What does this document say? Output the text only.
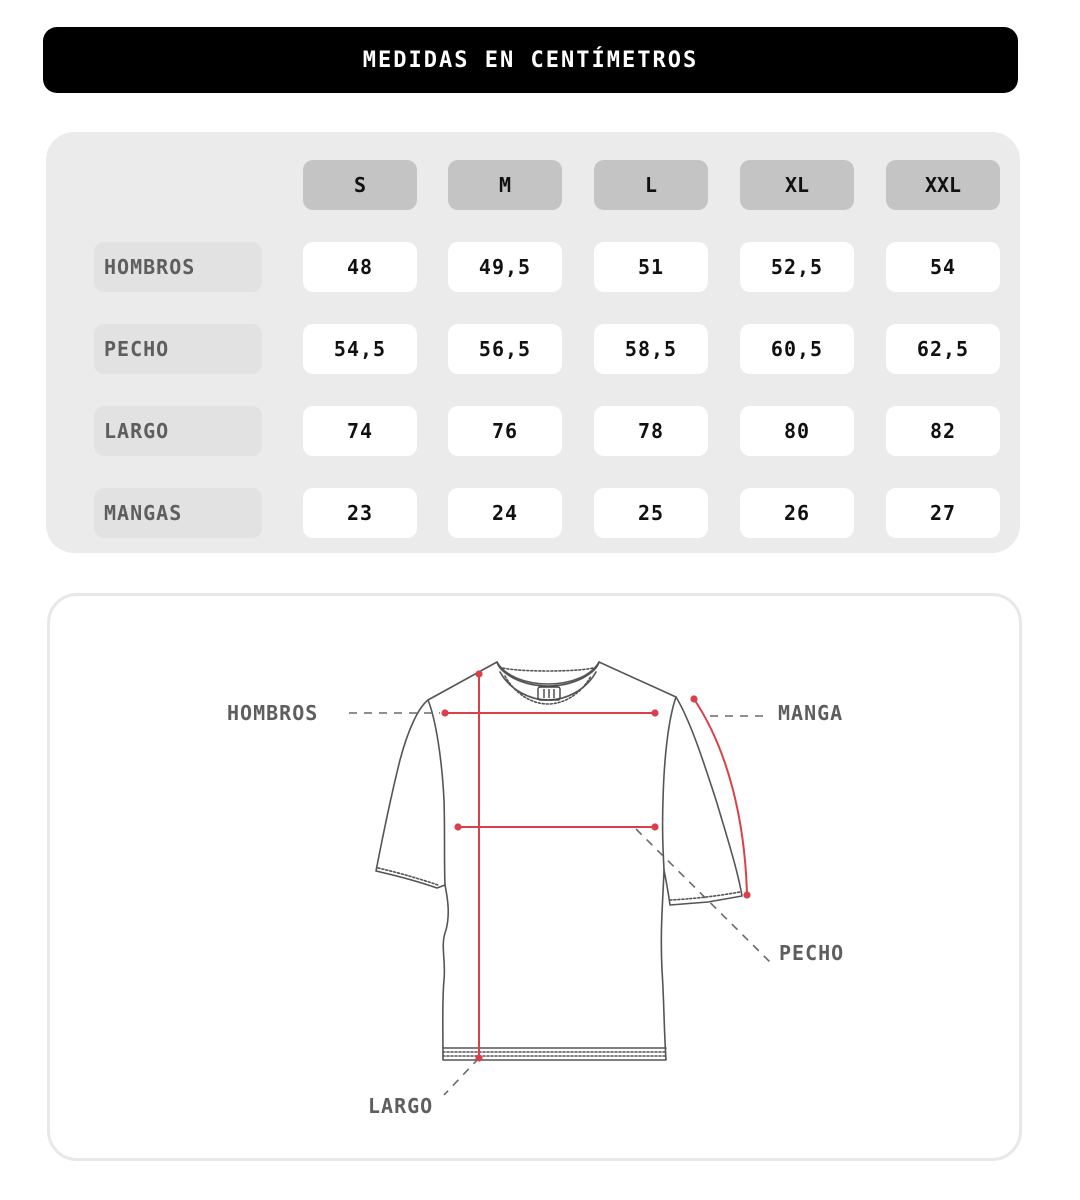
MEDIDAS EN CENTÍMETROS
S	M	L	XL	XXL
HOMBROS	48	49,5	51	52,5	54
PECHO	54,5	56,5	58,5	60,5	62,5
LARGO	74	76	78	80	82
MANGAS	23	24	25	26	27
HOMBROS	MANGA
PECHO
LARGO
